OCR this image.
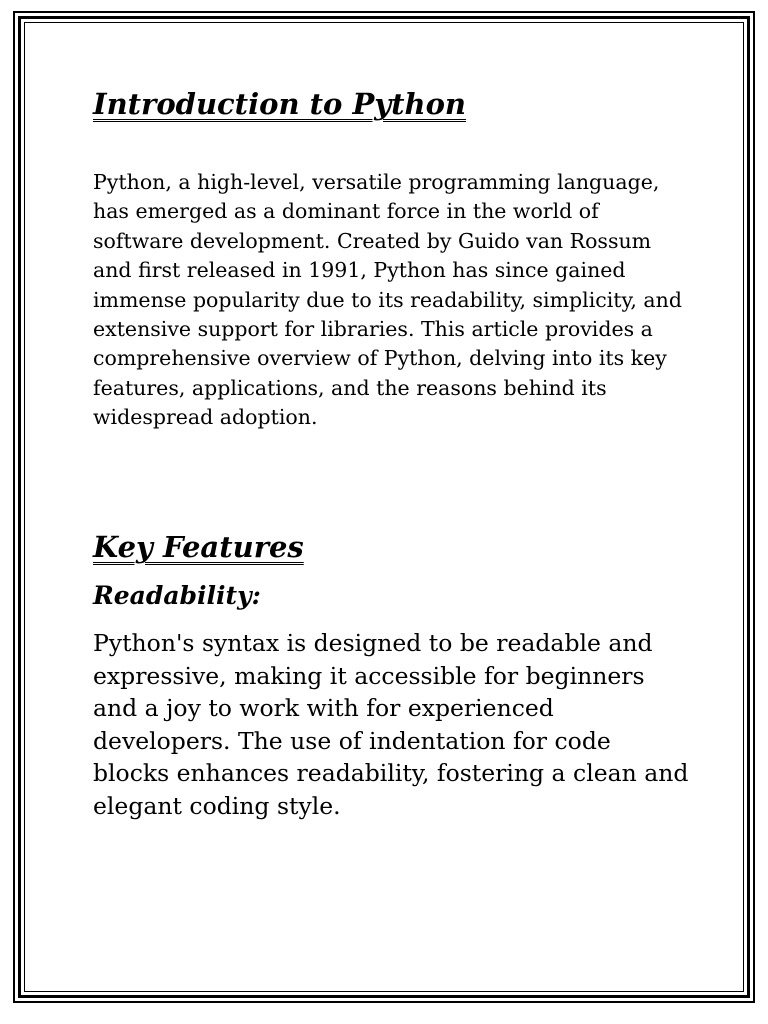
Introduction to Python

Python, a high-level, versatile programming language, has emerged as a dominant force in the world of software development. Created by Guido van Rossum and first released in 1991, Python has since gained immense popularity due to its readability, simplicity, and extensive support for libraries. This article provides a comprehensive overview of Python, delving into its key features, applications, and the reasons behind its widespread adoption.

Key Features
Readability:

Python's syntax is designed to be readable and expressive, making it accessible for beginners and a joy to work with for experienced developers. The use of indentation for code blocks enhances readability, fostering a clean and elegant coding style.
